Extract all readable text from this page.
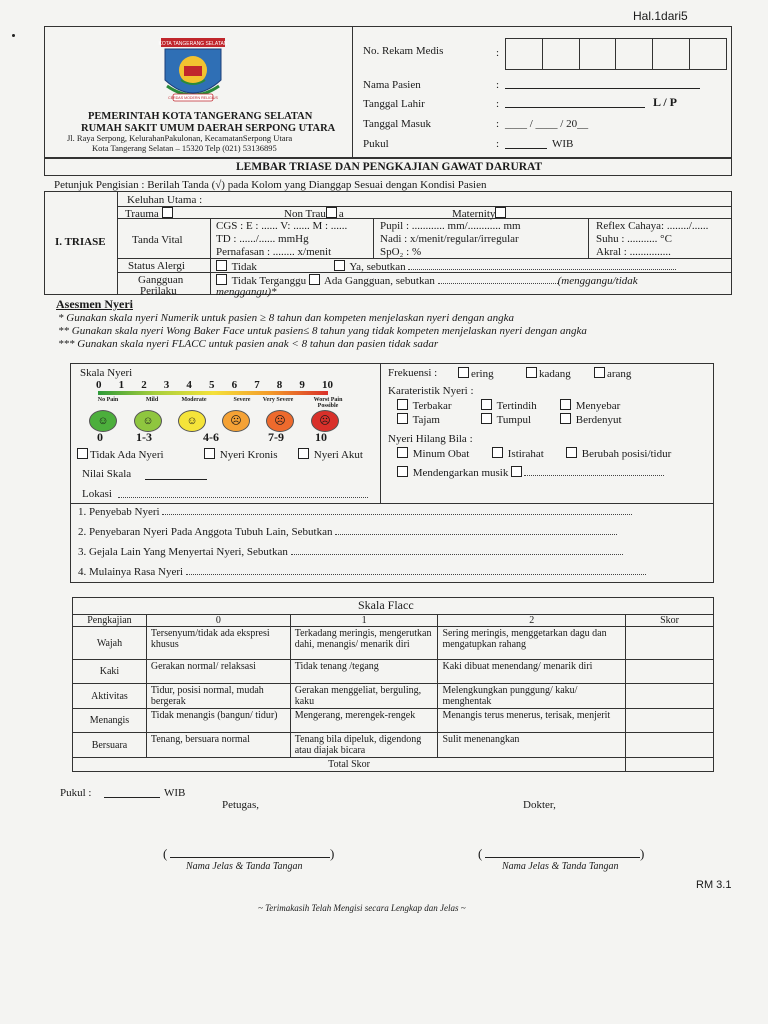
Hal.1dari5
KOTA TANGERANG SELATAN
CERDAS MODERN RELIGIUS
PEMERINTAH KOTA TANGERANG SELATAN
RUMAH SAKIT UMUM DAERAH SERPONG UTARA
Jl. Raya Serpong, KelurahanPakulonan, KecamatanSerpong Utara
Kota Tangerang Selatan – 15320 Telp (021) 53136895
No. Rekam Medis	:
Nama Pasien	:
Tanggal Lahir	:	L / P
Tanggal Masuk	: ____ / ____ / 20__
Pukul	:	WIB
LEMBAR TRIASE DAN PENGKAJIAN GAWAT DARURAT
Petunjuk Pengisian : Berilah Tanda (√) pada Kolom yang Dianggap Sesuai dengan Kondisi Pasien
I. TRIASE
Keluhan Utama :
Trauma	Non Trau a	Maternity
Tanda Vital
CGS : E : ...... V: ...... M : ......
TD : ....../...... mmHg
Pernafasan : ........ x/menit
Pupil : ............ mm/............ mm
Nadi : x/menit/regular/irregular
SpO₂ : %
Reflex Cahaya: ......../......
Suhu : ........... °C
Akral : ...............
Status Alergi	Tidak	Ya, sebutkan
Gangguan
Perilaku
Tidak Terganggu Ada Gangguan, sebutkan	(menggangu/tidak
menggangu)*
Asesmen Nyeri
* Gunakan skala nyeri Numerik untuk pasien ≥ 8 tahun dan kompeten menjelaskan nyeri dengan angka
** Gunakan skala nyeri Wong Baker Face untuk pasien≤ 8 tahun yang tidak kompeten menjelaskan nyeri dengan angka
*** Gunakan skala nyeri FLACC untuk pasien anak < 8 tahun dan pasien tidak sadar
Skala Nyeri
0 1 2 3 4 5 6 7 8 9 10
No Pain	Mild	Moderate	Severe	Very Severe	Worst Pain Possible
☺	☺	☺	☹	☹	☹
0	1-3	4-6	7-9	10
Tidak Ada Nyeri	Nyeri Kronis	Nyeri Akut
Nilai Skala
Lokasi
Frekuensi :	ering	kadang	arang
Karateristik Nyeri :
Terbakar	Tertindih	Menyebar
Tajam	Tumpul	Berdenyut
Nyeri Hilang Bila :
Minum Obat	Istirahat	Berubah posisi/tidur
Mendengarkan musik
1. Penyebab Nyeri
2. Penyebaran Nyeri Pada Anggota Tubuh Lain, Sebutkan
3. Gejala Lain Yang Menyertai Nyeri, Sebutkan
4. Mulainya Rasa Nyeri
Skala Flacc
Pengkajian	0	1	2	Skor
Wajah	Tersenyum/tidak ada ekspresi khusus	Terkadang meringis, mengerutkan dahi, menangis/ menarik diri	Sering meringis, menggetarkan dagu dan mengatupkan rahang	
Kaki	Gerakan normal/ relaksasi	Tidak tenang /tegang	Kaki dibuat menendang/ menarik diri	
Aktivitas	Tidur, posisi normal, mudah bergerak	Gerakan menggeliat, berguling, kaku	Melengkungkan punggung/ kaku/ menghentak	
Menangis	Tidak menangis (bangun/ tidur)	Mengerang, merengek-rengek	Menangis terus menerus, terisak, menjerit	
Bersuara	Tenang, bersuara normal	Tenang bila dipeluk, digendong atau diajak bicara	Sulit menenangkan	
Total Skor				
Pukul :	WIB
Petugas,	Dokter,
(	)
Nama Jelas & Tanda Tangan
(	)
Nama Jelas & Tanda Tangan
RM 3.1
~ Terimakasih Telah Mengisi secara Lengkap dan Jelas ~
